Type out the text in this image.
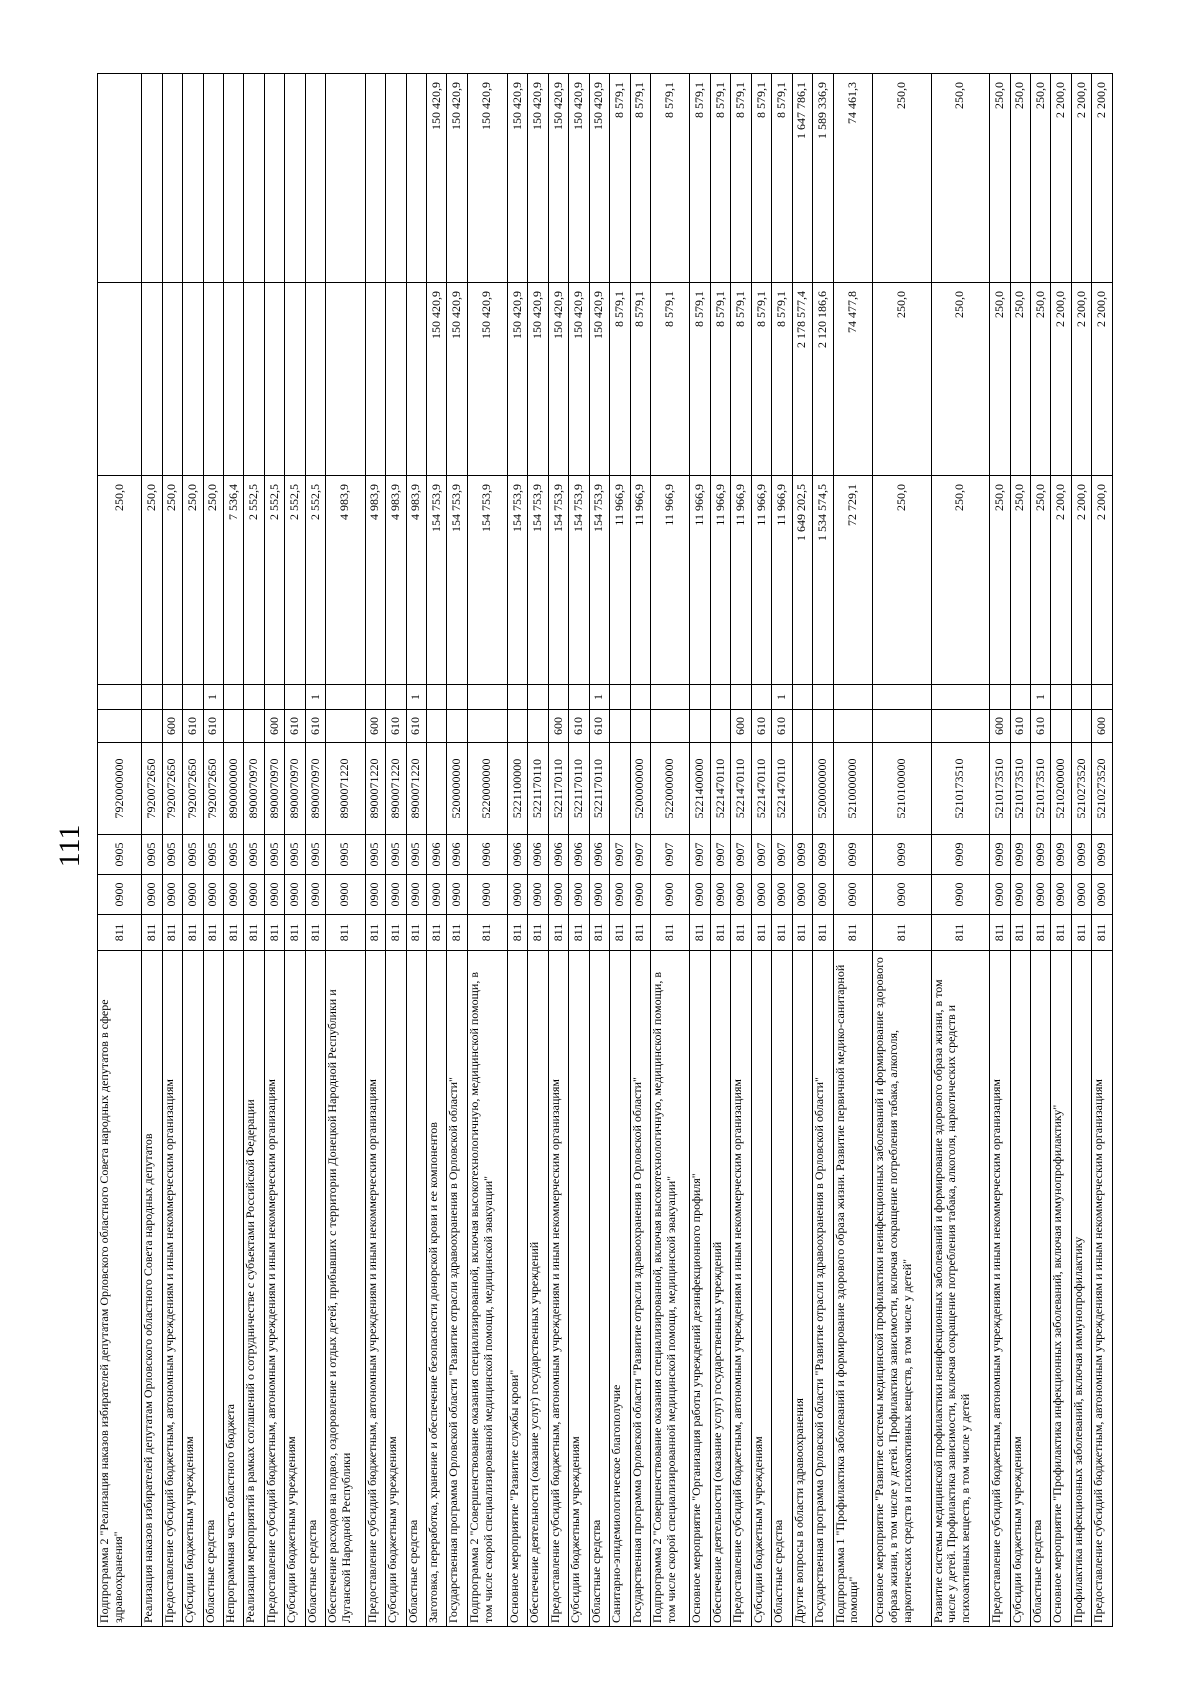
111
Подпрограмма 2 "Реализация наказов избирателей депутатам Орловского областного Совета народных депутатов в сфере здравоохранения"	811	0900	0905	7920000000			250,0		
Реализация наказов избирателей депутатам Орловского областного Совета народных депутатов	811	0900	0905	7920072650			250,0		
Предоставление субсидий бюджетным, автономным учреждениям и иным некоммерческим организациям	811	0900	0905	7920072650	600		250,0		
Субсидии бюджетным учреждениям	811	0900	0905	7920072650	610		250,0		
Областные средства	811	0900	0905	7920072650	610	1	250,0		
Непрограммная часть областного бюджета	811	0900	0905	8900000000			7 536,4		
Реализация мероприятий в рамках соглашений о сотрудничестве с субъектами Российской Федерации	811	0900	0905	8900070970			2 552,5		
Предоставление субсидий бюджетным, автономным учреждениям и иным некоммерческим организациям	811	0900	0905	8900070970	600		2 552,5		
Субсидии бюджетным учреждениям	811	0900	0905	8900070970	610		2 552,5		
Областные средства	811	0900	0905	8900070970	610	1	2 552,5		
Обеспечение расходов на подвоз, оздоровление и отдых детей, прибывших с территории Донецкой Народной Республики и Луганской Народной Республики	811	0900	0905	8900071220			4 983,9		
Предоставление субсидий бюджетным, автономным учреждениям и иным некоммерческим организациям	811	0900	0905	8900071220	600		4 983,9		
Субсидии бюджетным учреждениям	811	0900	0905	8900071220	610		4 983,9		
Областные средства	811	0900	0905	8900071220	610	1	4 983,9		
Заготовка, переработка, хранение и обеспечение безопасности донорской крови и ее компонентов	811	0900	0906				154 753,9	150 420,9	150 420,9
Государственная программа Орловской области "Развитие отрасли здравоохранения в Орловской области"	811	0900	0906	5200000000			154 753,9	150 420,9	150 420,9
Подпрограмма 2 "Совершенствование оказания специализированной, включая высокотехнологичную, медицинской помощи, в том числе скорой специализированной медицинской помощи, медицинской эвакуации"	811	0900	0906	5220000000			154 753,9	150 420,9	150 420,9
Основное мероприятие "Развитие службы крови"	811	0900	0906	5221100000			154 753,9	150 420,9	150 420,9
Обеспечение деятельности (оказание услуг) государственных учреждений	811	0900	0906	5221170110			154 753,9	150 420,9	150 420,9
Предоставление субсидий бюджетным, автономным учреждениям и иным некоммерческим организациям	811	0900	0906	5221170110	600		154 753,9	150 420,9	150 420,9
Субсидии бюджетным учреждениям	811	0900	0906	5221170110	610		154 753,9	150 420,9	150 420,9
Областные средства	811	0900	0906	5221170110	610	1	154 753,9	150 420,9	150 420,9
Санитарно-эпидемиологическое благополучие	811	0900	0907				11 966,9	8 579,1	8 579,1
Государственная программа Орловской области "Развитие отрасли здравоохранения в Орловской области"	811	0900	0907	5200000000			11 966,9	8 579,1	8 579,1
Подпрограмма 2 "Совершенствование оказания специализированной, включая высокотехнологичную, медицинской помощи, в том числе скорой специализированной медицинской помощи, медицинской эвакуации"	811	0900	0907	5220000000			11 966,9	8 579,1	8 579,1
Основное мероприятие "Организация работы учреждений дезинфекционного профиля"	811	0900	0907	5221400000			11 966,9	8 579,1	8 579,1
Обеспечение деятельности (оказание услуг) государственных учреждений	811	0900	0907	5221470110			11 966,9	8 579,1	8 579,1
Предоставление субсидий бюджетным, автономным учреждениям и иным некоммерческим организациям	811	0900	0907	5221470110	600		11 966,9	8 579,1	8 579,1
Субсидии бюджетным учреждениям	811	0900	0907	5221470110	610		11 966,9	8 579,1	8 579,1
Областные средства	811	0900	0907	5221470110	610	1	11 966,9	8 579,1	8 579,1
Другие вопросы в области здравоохранения	811	0900	0909				1 649 202,5	2 178 577,4	1 647 786,1
Государственная программа Орловской области "Развитие отрасли здравоохранения в Орловской области"	811	0900	0909	5200000000			1 534 574,5	2 120 186,6	1 589 336,9
Подпрограмма 1 "Профилактика заболеваний и формирование здорового образа жизни. Развитие первичной медико-санитарной помощи"	811	0900	0909	5210000000			72 729,1	74 477,8	74 461,3
Основное мероприятие "Развитие системы медицинской профилактики неинфекционных заболеваний и формирование здорового образа жизни, в том числе у детей. Профилактика зависимости, включая сокращение потребления табака, алкоголя, наркотических средств и психоактивных веществ, в том числе у детей"	811	0900	0909	5210100000			250,0	250,0	250,0
Развитие системы медицинской профилактики неинфекционных заболеваний и формирование здорового образа жизни, в том числе у детей. Профилактика зависимости, включая сокращение потребления табака, алкоголя, наркотических средств и психоактивных веществ, в том числе у детей	811	0900	0909	5210173510			250,0	250,0	250,0
Предоставление субсидий бюджетным, автономным учреждениям и иным некоммерческим организациям	811	0900	0909	5210173510	600		250,0	250,0	250,0
Субсидии бюджетным учреждениям	811	0900	0909	5210173510	610		250,0	250,0	250,0
Областные средства	811	0900	0909	5210173510	610	1	250,0	250,0	250,0
Основное мероприятие "Профилактика инфекционных заболеваний, включая иммунопрофилактику"	811	0900	0909	5210200000			2 200,0	2 200,0	2 200,0
Профилактика инфекционных заболеваний, включая иммунопрофилактику	811	0900	0909	5210273520			2 200,0	2 200,0	2 200,0
Предоставление субсидий бюджетным, автономным учреждениям и иным некоммерческим организациям	811	0900	0909	5210273520	600		2 200,0	2 200,0	2 200,0
